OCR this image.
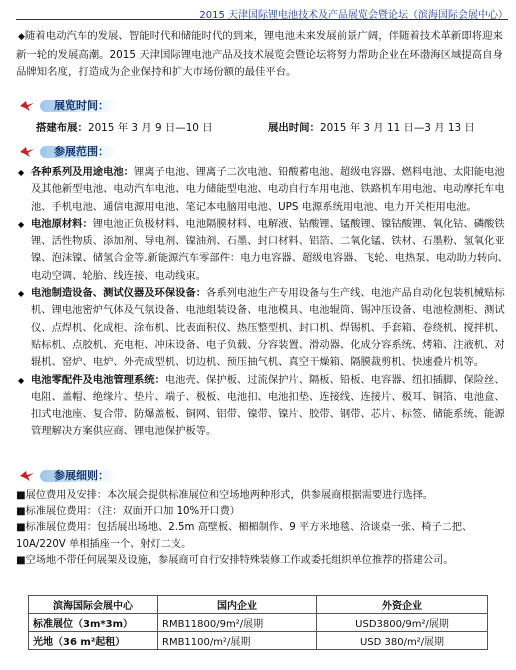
2015 天津国际锂电池技术及产品展览会暨论坛（滨海国际会展中心）

◆随着电动汽车的发展、智能时代和储能时代的到来，锂电池未来发展前景广阔，伴随着技术革新即将迎来新一轮的发展高潮。2015 天津国际锂电池产品及技术展览会暨论坛将努力帮助企业在环渤海区域提高自身品牌知名度，打造成为企业保持和扩大市场份额的最佳平台。

展览时间：
搭建布展：2015 年 3 月 9 日—10 日	展出时间：2015 年 3 月 11 日—3 月 13 日
参展范围：

◆ 各种系列及用途电池：锂离子电池、锂离子二次电池、铅酸蓄电池、超级电容器、燃料电池、太阳能电池及其他新型电池、电动汽车电池、电力储能型电池、电动自行车用电池、铁路机车用电池、电动摩托车电池、手机电池、通信电源用电池、笔记本电脑用电池、UPS 电源系统用电池、电力开关柜用电池。

◆ 电池原材料：锂电池正负极材料、电池隔膜材料、电解液、钴酸锂、锰酸锂、镍钴酸锂、氧化钴、磷酸铁锂、活性物质、添加剂、导电剂、镍油剂、石墨、封口材料、铝箔、二氧化锰、铁材、石墨粉、氢氧化亚镍、泡沫镍、储氢合金等.新能源汽车零部件：电力电容器、超级电容器、飞轮、电热泵、电动助力转向、电动空调、轮胎、线连接、电动线束。

◆ 电池制造设备、测试仪器及环保设备：各系列电池生产专用设备与生产线、电池产品自动化包装机械贴标机、锂电池密炉气体及气氛设备、电池组装设备、电池模具、电池辊筒、锡冲压设备、电池检测柜、测试仪、点焊机、化成柜、涂布机、比表面积仪、热压整型机、封口机、焊锡机、手套箱、卷绕机、搅拌机、贴标机、点胶机、充电柜、冲床设备、电子负载、分容装置、滑动器、化成分容系统、烤箱、注液机、对辊机、窑炉、电炉、外壳成型机、切边机、预压抽气机、真空干燥箱、隔膜裁剪机、快速叠片机等。

◆ 电池零配件及电池管理系统：电池壳、保护板、过流保护片、隔板、铅板、电容器、纽扣插脚、保险丝、电阻、盖帽、绝缘片、垫片、端子、极板、电池扣、电池扣垫、连接线、连接片、极耳、铜箔、电池盒、扣式电池座、复合带、防爆盖板、铜网、铝带、镍带、镍片、胶带、钢带、芯片、标签、储能系统、能源管理解决方案供应商、锂电池保护板等。

参展细则：

■展位费用及安排：本次展会提供标准展位和空场地两种形式，供参展商根据需要进行选择。

■标准展位费用：（注：双面开口加 10%开口费）

■标准展位费用：包括展出场地、2.5m 高壁板、楣楣制作、9 平方米地毯、洽谈桌一张、椅子二把、10A/220V 单相插座一个、射灯二支。

■空场地不带任何展架及设施，参展商可自行安排特殊装修工作或委托组织单位推荐的搭建公司。

滨海国际会展中心	国内企业	外资企业
标准展位（3m*3m）	RMB11800/9m²/展期	USD3800/9m²/展期
光地（36 m²起租）	RMB1100/m²/展期	USD 380/m²/展期
